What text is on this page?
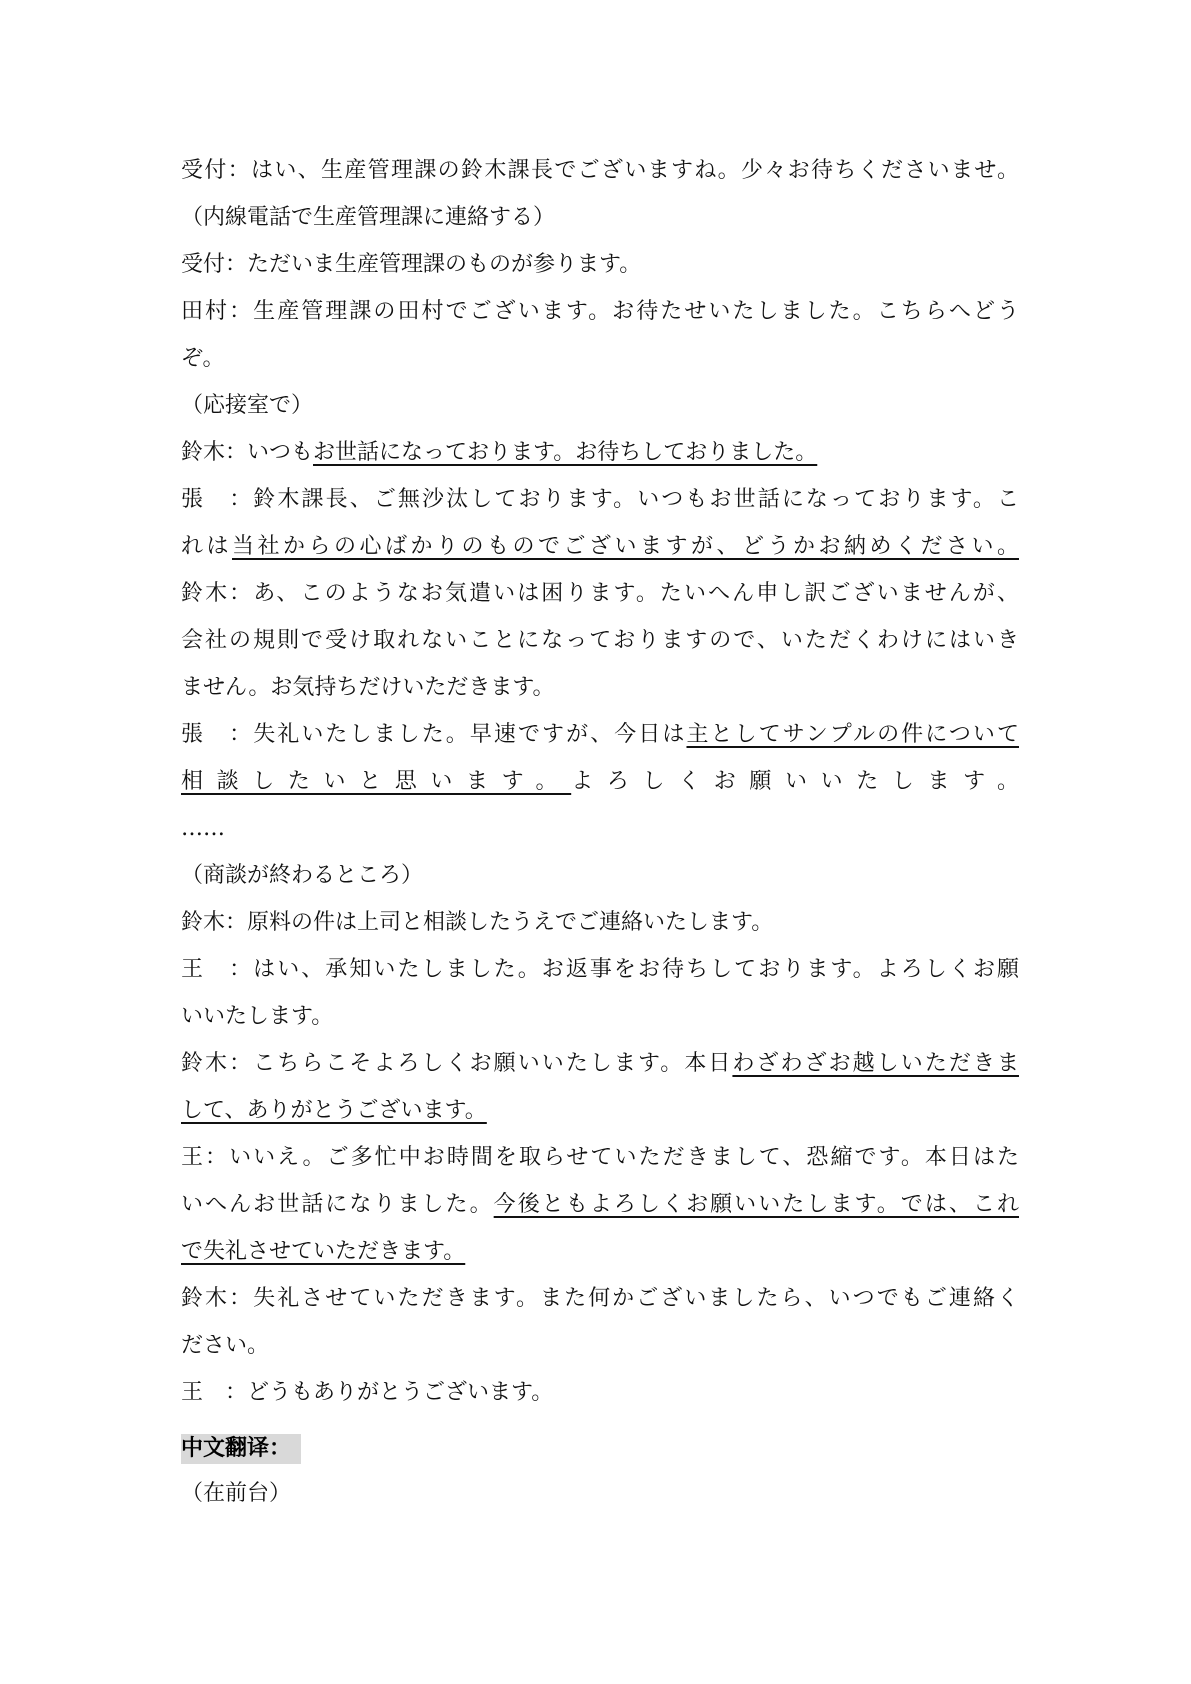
受付：はい、生産管理課の鈴木課長でございますね。少々お待ちくださいませ。
（内線電話で生産管理課に連絡する）
受付：ただいま生産管理課のものが参ります。
田村：生産管理課の田村でございます。お待たせいたしました。こちらへどう
ぞ。
（応接室で）
鈴木：いつもお世話になっております。お待ちしておりました。
張　：鈴木課長、ご無沙汰しております。いつもお世話になっております。こ
れは当社からの心ばかりのものでございますが、どうかお納めください。
鈴木：あ、このようなお気遣いは困ります。たいへん申し訳ございませんが、
会社の規則で受け取れないことになっておりますので、いただくわけにはいき
ません。お気持ちだけいただきます。
張　：失礼いたしました。早速ですが、今日は主としてサンプルの件について
相談したいと思います。よろしくお願いいたします。
……
（商談が終わるところ）
鈴木：原料の件は上司と相談したうえでご連絡いたします。
王　：はい、承知いたしました。お返事をお待ちしております。よろしくお願
いいたします。
鈴木：こちらこそよろしくお願いいたします。本日わざわざお越しいただきま
して、ありがとうございます。
王：いいえ。ご多忙中お時間を取らせていただきまして、恐縮です。本日はた
いへんお世話になりました。今後ともよろしくお願いいたします。では、これ
で失礼させていただきます。
鈴木：失礼させていただきます。また何かございましたら、いつでもご連絡く
ださい。
王　：どうもありがとうございます。
中文翻译：
（在前台）
